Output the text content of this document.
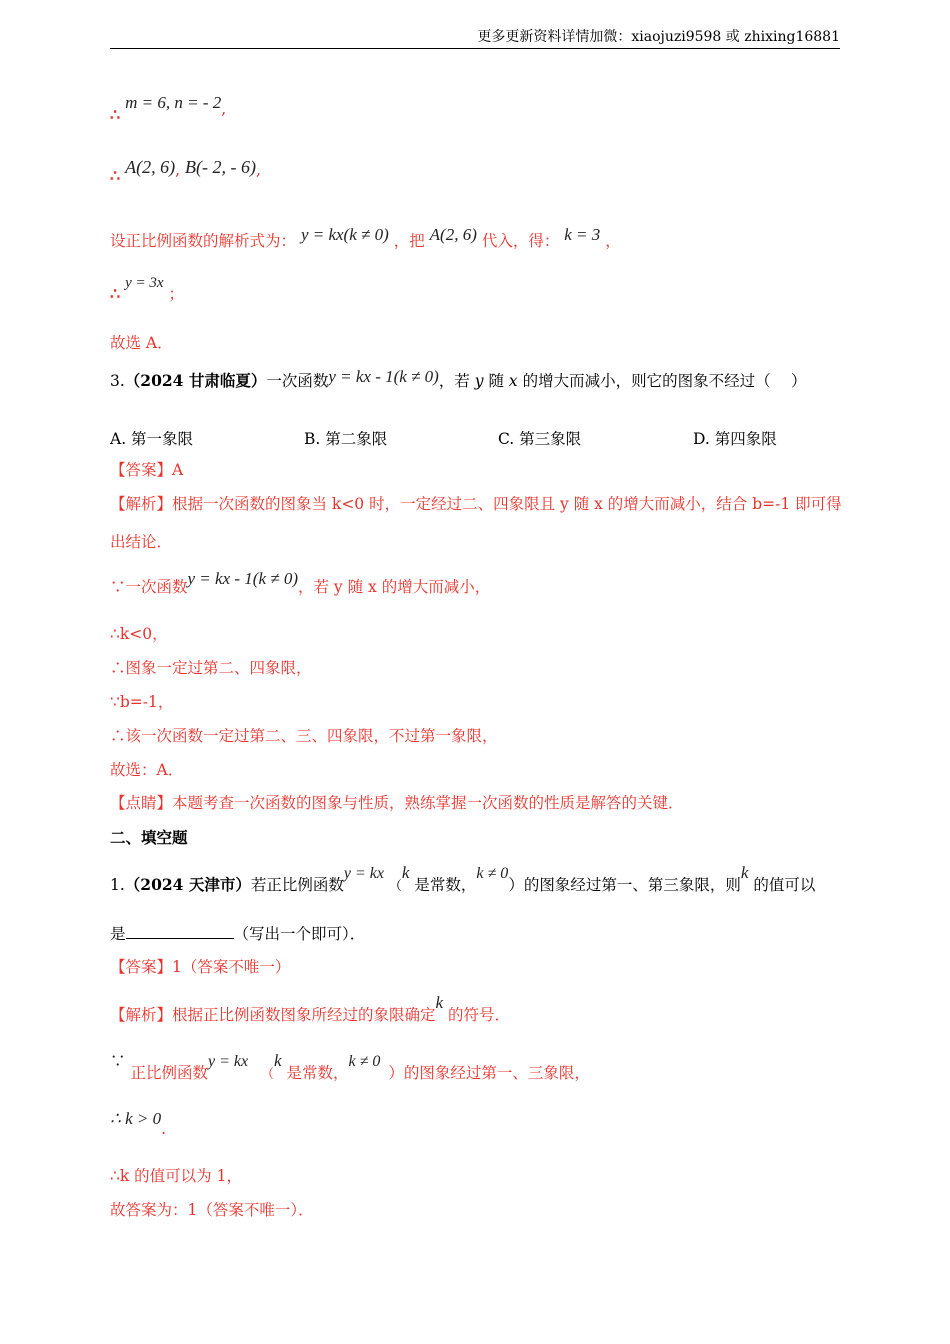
更多更新资料详情加微：xiaojuzi9598 或 zhixing16881
∴ m = 6, n = - 2,
∴ A(2, 6), B(- 2, - 6),
设正比例函数的解析式为： y = kx(k ≠ 0) ，把 A(2, 6) 代入，得： k = 3 ，
∴ y = 3x ；
故选 A．
3.（2024 甘肃临夏）一次函数y = kx - 1(k ≠ 0)，若 y 随 x 的增大而减小，则它的图象不经过（　 ）
A. 第一象限	B. 第二象限	C. 第三象限	D. 第四象限
【答案】A
【解析】根据一次函数的图象当 k<0 时，一定经过二、四象限且 y 随 x 的增大而减小，结合 b=-1 即可得
出结论．
∵一次函数y = kx - 1(k ≠ 0)，若 y 随 x 的增大而减小，
∴k<0，
∴图象一定过第二、四象限，
∵b=-1，
∴该一次函数一定过第二、三、四象限，不过第一象限，
故选：A．
【点睛】本题考查一次函数的图象与性质，熟练掌握一次函数的性质是解答的关键．
二、填空题
1.（2024 天津市）若正比例函数y = kx $_($k 是常数，k ≠ 0）的图象经过第一、第三象限，则k 的值可以
是	（写出一个即可）．
【答案】1（答案不唯一）
【解析】根据正比例函数图象所经过的象限确定k 的符号．
∵ 正比例函数y = kx $_($k 是常数，k ≠ 0）的图象经过第一、三象限，
∴ k > 0.
∴k 的值可以为 1，
故答案为：1（答案不唯一）．
